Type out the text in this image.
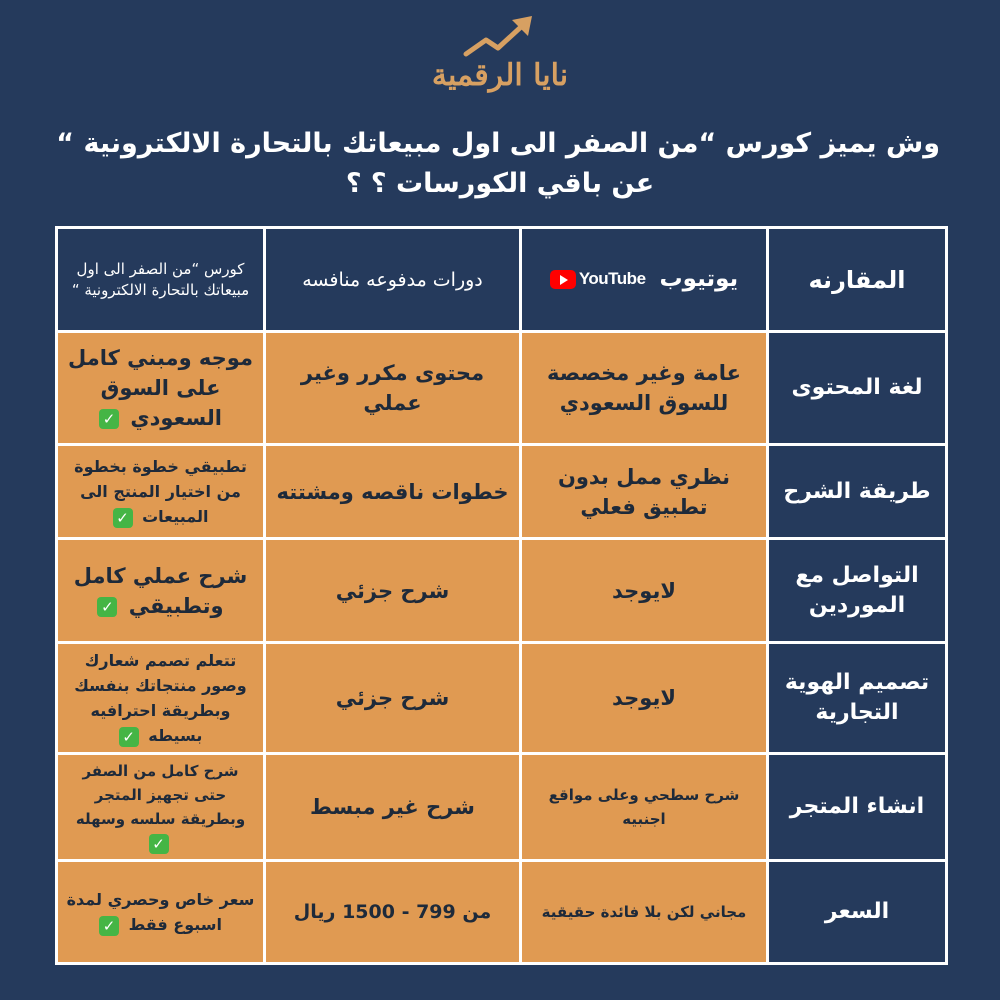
نايا الرقمية
وش يميز كورس “من الصفر الى اول مبيعاتك بالتحارة الالكترونية “
عن باقي الكورسات ؟ ؟
المقارنه	YouTube يوتيوب	دورات مدفوعه منافسه	كورس “من الصفر الى اول مبيعاتك بالتحارة الالكترونية “
لغة المحتوى	عامة وغير مخصصة للسوق السعودي	محتوى مكرر وغير عملي	موجه ومبني كامل على السوق السعودي ✓
طريقة الشرح	نظري ممل بدون تطبيق فعلي	خطوات ناقصه ومشتته	تطبيقي خطوة بخطوة من اختيار المنتج الى المبيعات ✓
التواصل مع الموردين	لايوجد	شرح جزئي	شرح عملي كامل وتطبيقي ✓
تصميم الهوية التجارية	لايوجد	شرح جزئي	تتعلم تصمم شعارك وصور منتجاتك بنفسك وبطريقة احترافيه بسيطه ✓
انشاء المتجر	شرح سطحي وعلى مواقع اجنبيه	شرح غير مبسط	شرح كامل من الصفر حتى تجهيز المتجر وبطريقة سلسه وسهله ✓
السعر	مجاني لكن بلا فائدة حقيقية	من 799 - 1500 ريال	سعر خاص وحصري لمدة اسبوع فقط ✓
